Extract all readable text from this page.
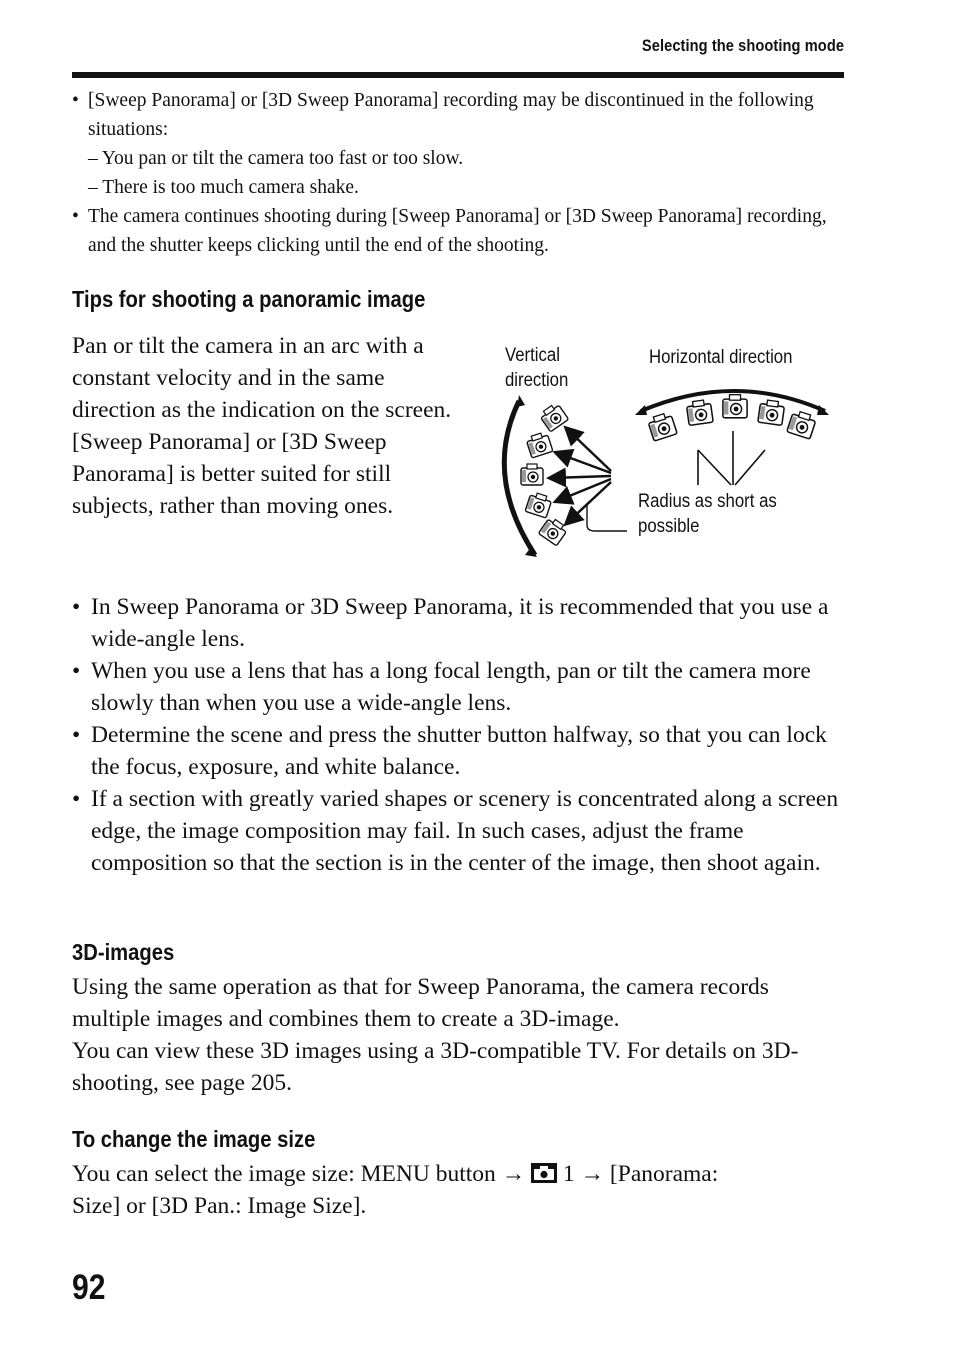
Selecting the shooting mode
• [Sweep Panorama] or [3D Sweep Panorama] recording may be discontinued in the following situations:
– You pan or tilt the camera too fast or too slow.
– There is too much camera shake.
• The camera continues shooting during [Sweep Panorama] or [3D Sweep Panorama] recording, and the shutter keeps clicking until the end of the shooting.
Tips for shooting a panoramic image
Pan or tilt the camera in an arc with a
constant velocity and in the same
direction as the indication on the screen.
[Sweep Panorama] or [3D Sweep
Panorama] is better suited for still
subjects, rather than moving ones.
Vertical
direction
Horizontal direction
Radius as short as
possible
• In Sweep Panorama or 3D Sweep Panorama, it is recommended that you use a wide-angle lens.
• When you use a lens that has a long focal length, pan or tilt the camera more slowly than when you use a wide-angle lens.
• Determine the scene and press the shutter button halfway, so that you can lock the focus, exposure, and white balance.
• If a section with greatly varied shapes or scenery is concentrated along a screen edge, the image composition may fail. In such cases, adjust the frame composition so that the section is in the center of the image, then shoot again.
3D-images
Using the same operation as that for Sweep Panorama, the camera records multiple images and combines them to create a 3D-image.
You can view these 3D images using a 3D-compatible TV. For details on 3D-shooting, see page 205.
To change the image size
You can select the image size: MENU button → 1 → [Panorama:
Size] or [3D Pan.: Image Size].
92
